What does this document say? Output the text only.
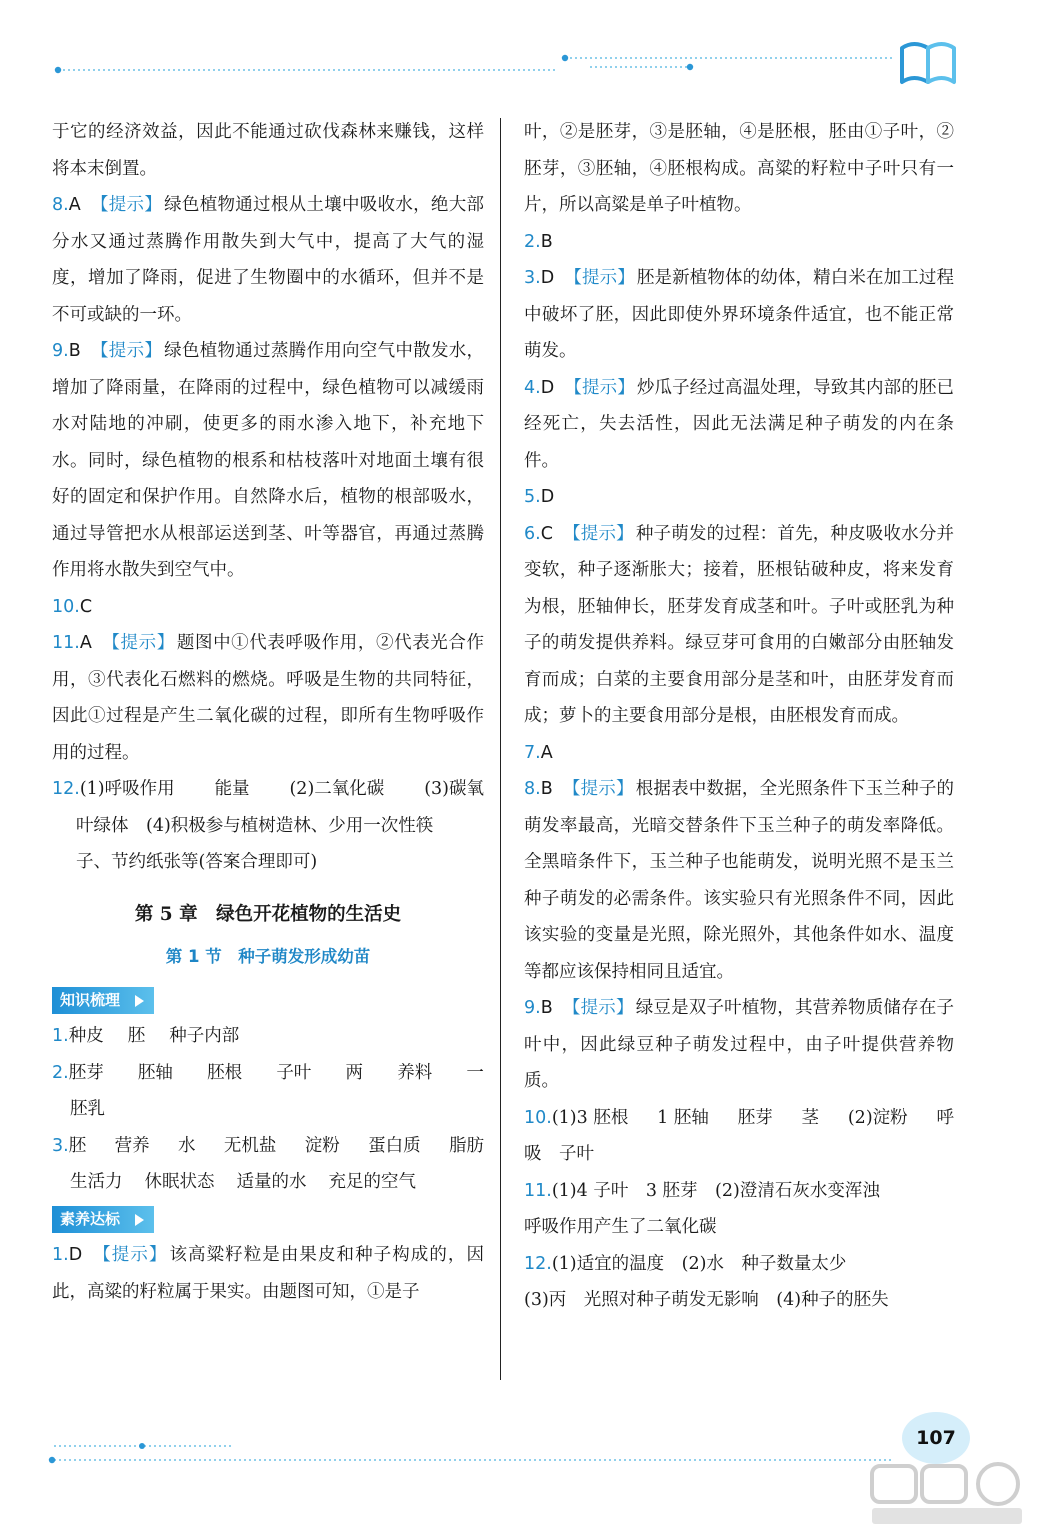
于它的经济效益，因此不能通过砍伐森林来赚钱，这样将本末倒置。

8.A 【提示】 绿色植物通过根从土壤中吸收水，绝大部分水又通过蒸腾作用散失到大气中，提高了大气的湿度，增加了降雨，促进了生物圈中的水循环，但并不是不可或缺的一环。

9.B 【提示】 绿色植物通过蒸腾作用向空气中散发水，增加了降雨量，在降雨的过程中，绿色植物可以减缓雨水对陆地的冲刷，使更多的雨水渗入地下，补充地下水。同时，绿色植物的根系和枯枝落叶对地面土壤有很好的固定和保护作用。自然降水后，植物的根部吸水，通过导管把水从根部运送到茎、叶等器官，再通过蒸腾作用将水散失到空气中。

10.C

11.A 【提示】 题图中①代表呼吸作用，②代表光合作用，③代表化石燃料的燃烧。呼吸是生物的共同特征，因此①过程是产生二氧化碳的过程，即所有生物呼吸作用的过程。

12.(1)呼吸作用 能量 (2)二氧化碳 (3)碳氧
叶绿体　(4)积极参与植树造林、少用一次性筷
子、节约纸张等(答案合理即可)
第 5 章　绿色开花植物的生活史
第 1 节　种子萌发形成幼苗
知识梳理
1.种皮 胚 种子内部
2.胚芽 胚轴 胚根 子叶 两 养料 一
胚乳
3.胚 营养 水 无机盐 淀粉 蛋白质 脂肪
生活力 休眠状态 适量的水 充足的空气
素养达标

1.D 【提示】 该高粱籽粒是由果皮和种子构成的，因此，高粱的籽粒属于果实。由题图可知，①是子

叶，②是胚芽，③是胚轴，④是胚根，胚由①子叶，②胚芽，③胚轴，④胚根构成。高粱的籽粒中子叶只有一片，所以高粱是单子叶植物。

2.B

3.D 【提示】 胚是新植物体的幼体，精白米在加工过程中破坏了胚，因此即使外界环境条件适宜，也不能正常萌发。

4.D 【提示】 炒瓜子经过高温处理，导致其内部的胚已经死亡，失去活性，因此无法满足种子萌发的内在条件。

5.D

6.C 【提示】 种子萌发的过程：首先，种皮吸收水分并变软，种子逐渐胀大；接着，胚根钻破种皮，将来发育为根，胚轴伸长，胚芽发育成茎和叶。子叶或胚乳为种子的萌发提供养料。绿豆芽可食用的白嫩部分由胚轴发育而成；白菜的主要食用部分是茎和叶，由胚芽发育而成；萝卜的主要食用部分是根，由胚根发育而成。

7.A

8.B 【提示】 根据表中数据，全光照条件下玉兰种子的萌发率最高，光暗交替条件下玉兰种子的萌发率降低。全黑暗条件下，玉兰种子也能萌发，说明光照不是玉兰种子萌发的必需条件。该实验只有光照条件不同，因此该实验的变量是光照，除光照外，其他条件如水、温度等都应该保持相同且适宜。

9.B 【提示】 绿豆是双子叶植物，其营养物质储存在子叶中，因此绿豆种子萌发过程中，由子叶提供营养物质。

10.(1)3 胚根 1 胚轴 胚芽 茎 (2)淀粉 呼
吸　子叶
11.(1)4 子叶　3 胚芽　(2)澄清石灰水变浑浊
呼吸作用产生了二氧化碳
12.(1)适宜的温度　(2)水　种子数量太少
(3)丙　光照对种子萌发无影响　(4)种子的胚失
107
